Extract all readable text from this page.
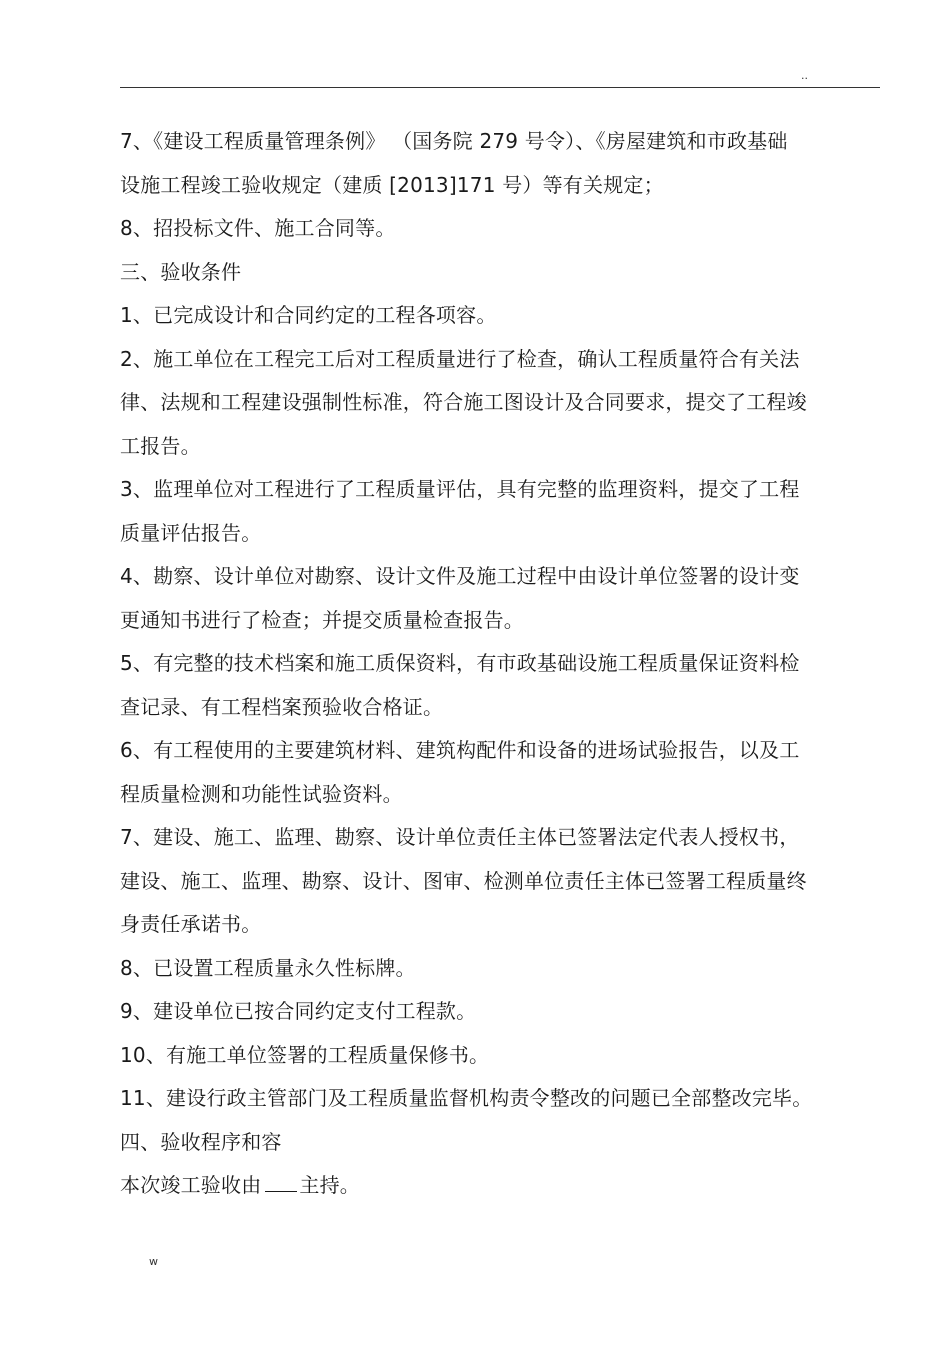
..
7、《建设工程质量管理条例》 （国务院 279 号令）、《房屋建筑和市政基础
设施工程竣工验收规定（建质 [2013]171 号）等有关规定；
8、招投标文件、施工合同等。
三、验收条件
1、已完成设计和合同约定的工程各项容。
2、施工单位在工程完工后对工程质量进行了检查，确认工程质量符合有关法
律、法规和工程建设强制性标准，符合施工图设计及合同要求，提交了工程竣
工报告。
3、监理单位对工程进行了工程质量评估，具有完整的监理资料，提交了工程
质量评估报告。
4、勘察、设计单位对勘察、设计文件及施工过程中由设计单位签署的设计变
更通知书进行了检查；并提交质量检查报告。
5、有完整的技术档案和施工质保资料，有市政基础设施工程质量保证资料检
查记录、有工程档案预验收合格证。
6、有工程使用的主要建筑材料、建筑构配件和设备的进场试验报告，以及工
程质量检测和功能性试验资料。
7、建设、施工、监理、勘察、设计单位责任主体已签署法定代表人授权书，
建设、施工、监理、勘察、设计、图审、检测单位责任主体已签署工程质量终
身责任承诺书。
8、已设置工程质量永久性标牌。
9、建设单位已按合同约定支付工程款。
10、有施工单位签署的工程质量保修书。
11、建设行政主管部门及工程质量监督机构责令整改的问题已全部整改完毕。
四、验收程序和容
本次竣工验收由 主持。
w
